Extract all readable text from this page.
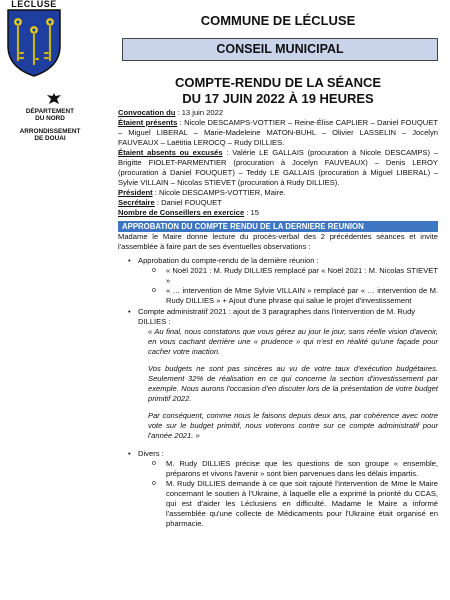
LÉCLUSE
DÉPARTEMENT
DU NORD
ARRONDISSEMENT
DE DOUAI
COMMUNE DE LÉCLUSE
CONSEIL MUNICIPAL
COMPTE-RENDU DE LA SÉANCE
DU 17 JUIN 2022 À 19 HEURES

Convocation du : 13 juin 2022

Étaient présents : Nicole DESCAMPS-VOTTIER – Reine-Élise CAPLIER – Daniel FOUQUET – Miguel LIBERAL – Marie-Madeleine MATON-BUHL – Olivier LASSELIN – Jocelyn FAUVEAUX – Laëtitia LEROCQ – Rudy DILLIES.

Étaient absents ou excusés : Valérie LE GALLAIS (procuration à Nicole DESCAMPS) – Brigitte FIOLET-PARMENTIER (procuration à Jocelyn FAUVEAUX) – Denis LEROY (procuration à Daniel FOUQUET) – Teddy LE GALLAIS (procuration à Miguel LIBERAL) – Sylvie VILLAIN – Nicolas STIEVET (procuration à Rudy DILLIES).

Président : Nicole DESCAMPS-VOTTIER, Maire.

Secrétaire : Daniel FOUQUET

Nombre de Conseillers en exercice : 15

APPROBATION DU COMPTE RENDU DE LA DERNIERE REUNION

Madame le Maire donne lecture du procès-verbal des 2 précédentes séances et invite l'assemblée à faire part de ses éventuelles observations :

• Approbation du compte-rendu de la dernière réunion :
o « Noël 2021 : M. Rudy DILLIES remplacé par « Noël 2021 : M. Nicolas STIEVET »
o « … intervention de Mme Sylvie VILLAIN » remplacé par « … intervention de M. Rudy DILLIES » + Ajout d'une phrase qui salue le projet d'investissement
• Compte administratif 2021 : ajout de 3 paragraphes dans l'intervention de M. Rudy DILLIES :

« Au final, nous constatons que vous gérez au jour le jour, sans réelle vision d'avenir, en vous cachant derrière une « prudence » qui n'est en réalité qu'une façade pour cacher votre inaction.

Vos budgets ne sont pas sincères au vu de votre taux d'exécution budgétaires. Seulement 32% de réalisation en ce qui concerne la section d'investissement par exemple. Nous aurons l'occasion d'en discuter lors de la présentation de votre budget primitif 2022.

Par conséquent, comme nous le faisons depuis deux ans, par cohérence avec notre vote sur le budget primitif, nous voterons contre sur ce compte administratif pour l'année 2021. »

• Divers :
o M. Rudy DILLIES précise que les questions de son groupe « ensemble, préparons et vivons l'avenir » sont bien parvenues dans les délais impartis.
o M. Rudy DILLIES demande à ce que soit rajouté l'intervention de Mme le Maire concernant le soutien à l'Ukraine, à laquelle elle a exprimé la priorité du CCAS, qui est d'aider les Léclusiens en difficulté. Madame le Maire a informé l'assemblée qu'une collecte de Médicaments pour l'Ukraine était organisé en pharmacie.
